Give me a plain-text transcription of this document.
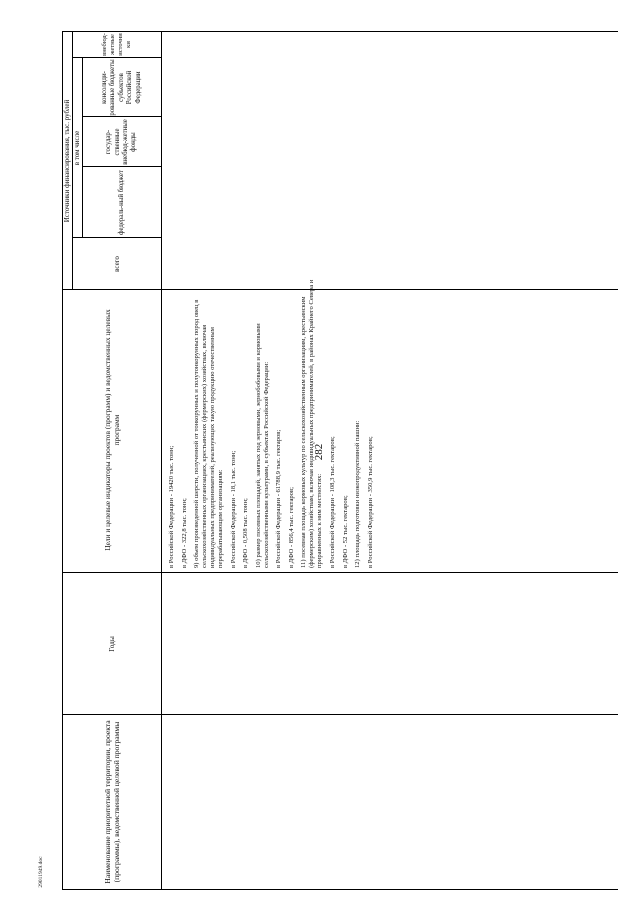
282
29011949.doc	Наименование приоритетной территории, проекта (программы), ведомственной целевой программы
Годы
Цели и целевые индикаторы проектов (программ) и ведомственных целевых программ
Источники финансирования, тыс. рублей
всего
в том числе
федераль-ный бюджет
государ-ственные внебюд-жетные фонды
консолиди-рованные бюджеты субъектов Российской Федерации
внебюд-жетные источники
в Российской Федерации - 19420 тыс. тонн; в ДФО - 322,8 тыс. тонн; 9) объем произведенной шерсти, полученной от тонкорунных и полутонкорунных пород овец в сельскохозяйственных организациях, крестьянских (фермерских) хозяйствах, включая индивидуальных предпринимателей, реализующих такую продукцию отечественным перерабатывающим организациям: в Российской Федерации - 18,1 тыс. тонн; в ДФО - 0,508 тыс. тонн; 10) размер посевных площадей, занятых под зерновыми, зернобобовыми и кормовыми сельскохозяйственными культурами, в субъектах Российской Федерации: в Российской Федерации - 61788,9 тыс. гектаров; в ДФО - 856,4 тыс. гектаров; 11) посевная площадь кормовых культур по сельскохозяйственным организациям, крестьянским (фермерским) хозяйствам, включая индивидуальных предпринимателей, в районах Крайнего Севера и приравненных к ним местностях: в Российской Федерации - 108,3 тыс. гектаров; в ДФО - 52 тыс. гектаров; 12) площадь подготовки низкопродуктивной пашни: в Российской Федерации - 350,9 тыс. гектаров;
